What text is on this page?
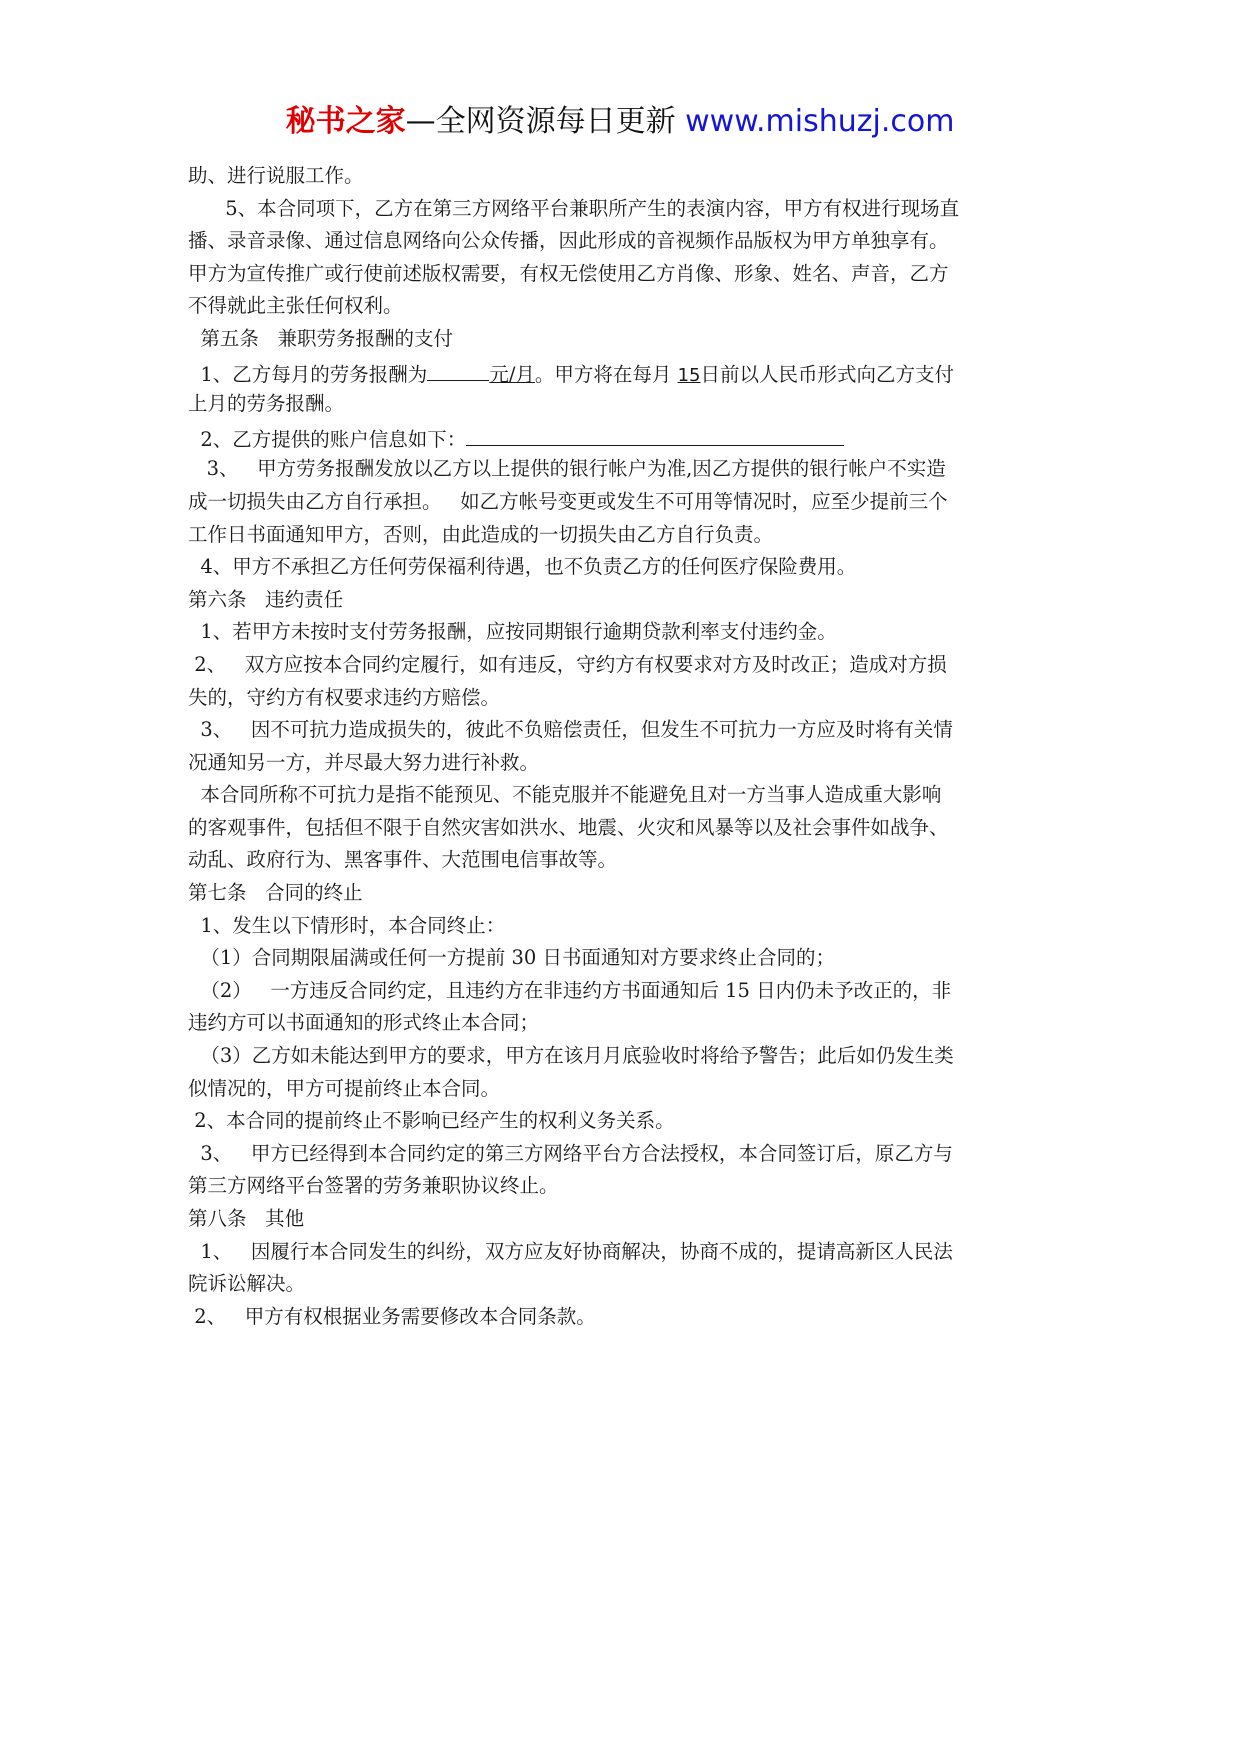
秘书之家—全网资源每日更新 www.mishuzj.com
助、进行说服工作。
5、本合同项下，乙方在第三方网络平台兼职所产生的表演内容，甲方有权进行现场直
播、录音录像、通过信息网络向公众传播，因此形成的音视频作品版权为甲方单独享有。
甲方为宣传推广或行使前述版权需要，有权无偿使用乙方肖像、形象、姓名、声音，乙方
不得就此主张任何权利。
第五条   兼职劳务报酬的支付
1、乙方每月的劳务报酬为	元/月。甲方将在每月 15日前以人民币形式向乙方支付
上月的劳务报酬。
2、乙方提供的账户信息如下：
3、   甲方劳务报酬发放以乙方以上提供的银行帐户为准,因乙方提供的银行帐户不实造
成一切损失由乙方自行承担。   如乙方帐号变更或发生不可用等情况时，应至少提前三个
工作日书面通知甲方，否则，由此造成的一切损失由乙方自行负责。
4、甲方不承担乙方任何劳保福利待遇，也不负责乙方的任何医疗保险费用。
第六条   违约责任
1、若甲方未按时支付劳务报酬，应按同期银行逾期贷款利率支付违约金。
2、   双方应按本合同约定履行，如有违反，守约方有权要求对方及时改正；造成对方损
失的，守约方有权要求违约方赔偿。
3、   因不可抗力造成损失的，彼此不负赔偿责任，但发生不可抗力一方应及时将有关情
况通知另一方，并尽最大努力进行补救。
本合同所称不可抗力是指不能预见、不能克服并不能避免且对一方当事人造成重大影响
的客观事件，包括但不限于自然灾害如洪水、地震、火灾和风暴等以及社会事件如战争、
动乱、政府行为、黑客事件、大范围电信事故等。
第七条   合同的终止
1、发生以下情形时，本合同终止：
（1）合同期限届满或任何一方提前 30 日书面通知对方要求终止合同的；
（2）   一方违反合同约定，且违约方在非违约方书面通知后 15 日内仍未予改正的，非
违约方可以书面通知的形式终止本合同；
（3）乙方如未能达到甲方的要求，甲方在该月月底验收时将给予警告；此后如仍发生类
似情况的，甲方可提前终止本合同。
2、本合同的提前终止不影响已经产生的权利义务关系。
3、   甲方已经得到本合同约定的第三方网络平台方合法授权，本合同签订后，原乙方与
第三方网络平台签署的劳务兼职协议终止。
第八条   其他
1、   因履行本合同发生的纠纷，双方应友好协商解决，协商不成的，提请高新区人民法
院诉讼解决。
2、   甲方有权根据业务需要修改本合同条款。
